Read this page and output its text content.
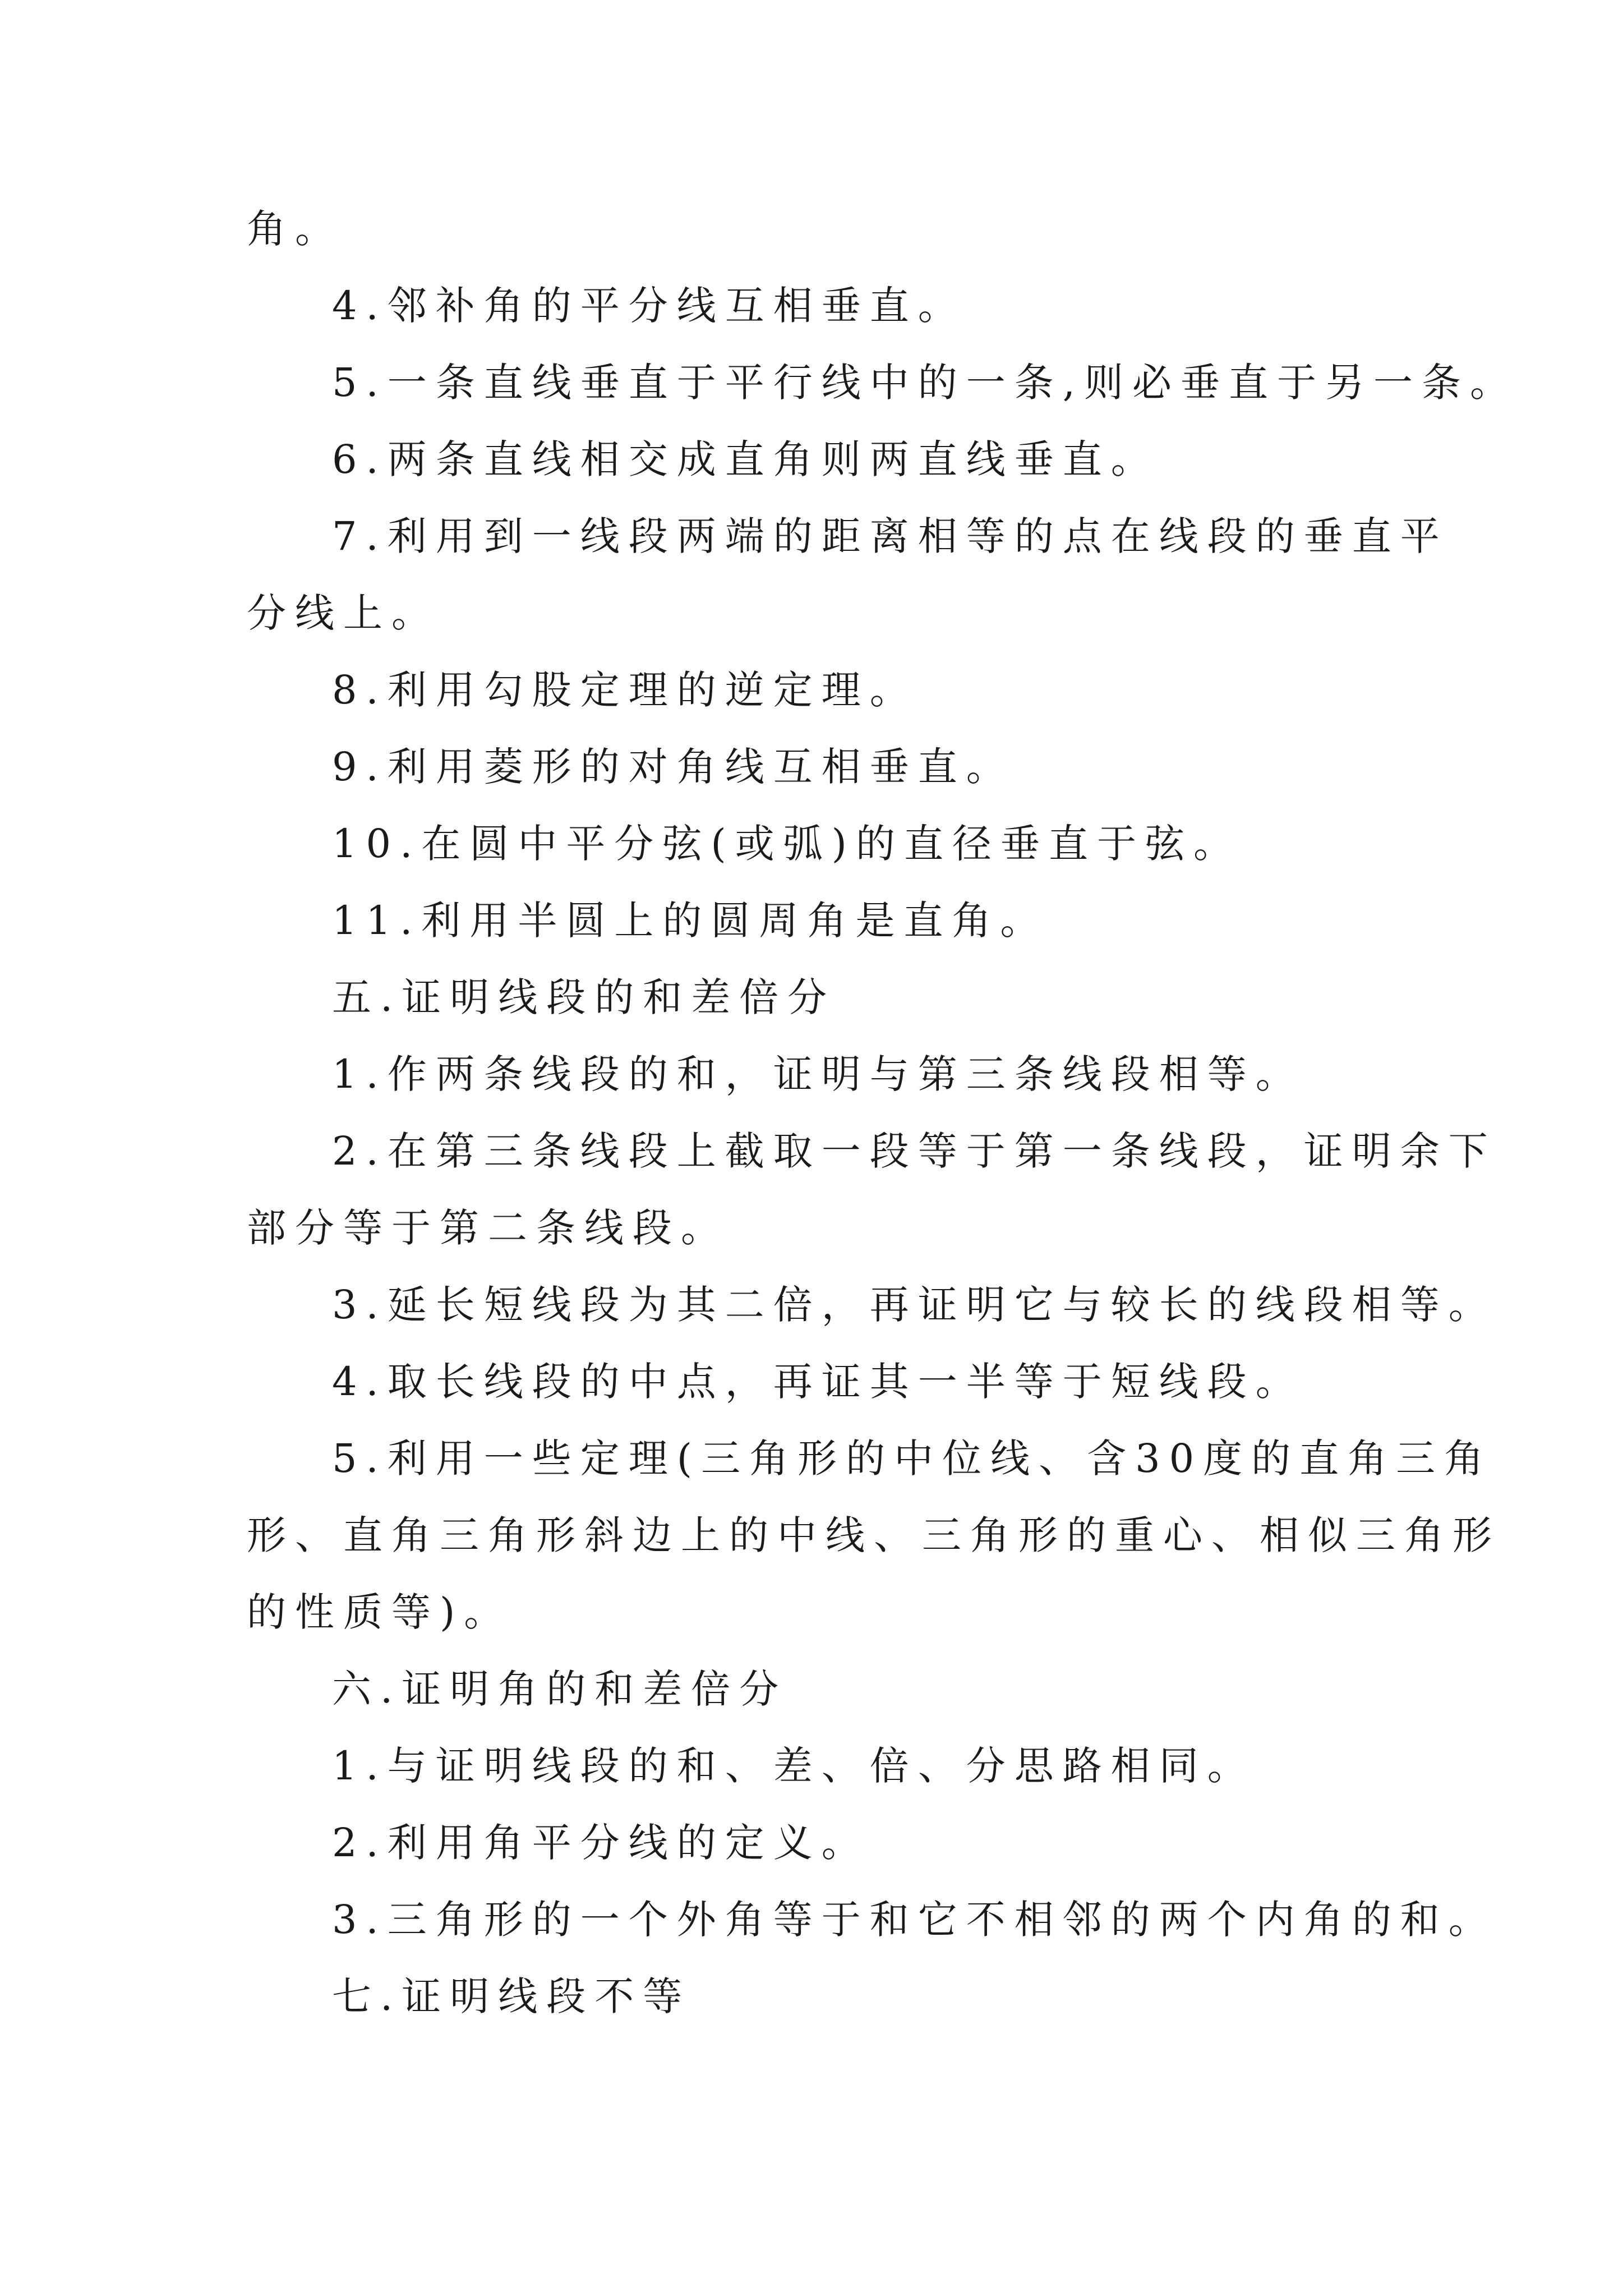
角。
4.邻补角的平分线互相垂直。
5.一条直线垂直于平行线中的一条,则必垂直于另一条。
6.两条直线相交成直角则两直线垂直。
7.利用到一线段两端的距离相等的点在线段的垂直平
分线上。
8.利用勾股定理的逆定理。
9.利用菱形的对角线互相垂直。
10.在圆中平分弦(或弧)的直径垂直于弦。
11.利用半圆上的圆周角是直角。
五.证明线段的和差倍分
1.作两条线段的和，证明与第三条线段相等。
2.在第三条线段上截取一段等于第一条线段，证明余下
部分等于第二条线段。
3.延长短线段为其二倍，再证明它与较长的线段相等。
4.取长线段的中点，再证其一半等于短线段。
5.利用一些定理(三角形的中位线、含30度的直角三角
形、直角三角形斜边上的中线、三角形的重心、相似三角形
的性质等)。
六.证明角的和差倍分
1.与证明线段的和、差、倍、分思路相同。
2.利用角平分线的定义。
3.三角形的一个外角等于和它不相邻的两个内角的和。
七.证明线段不等
